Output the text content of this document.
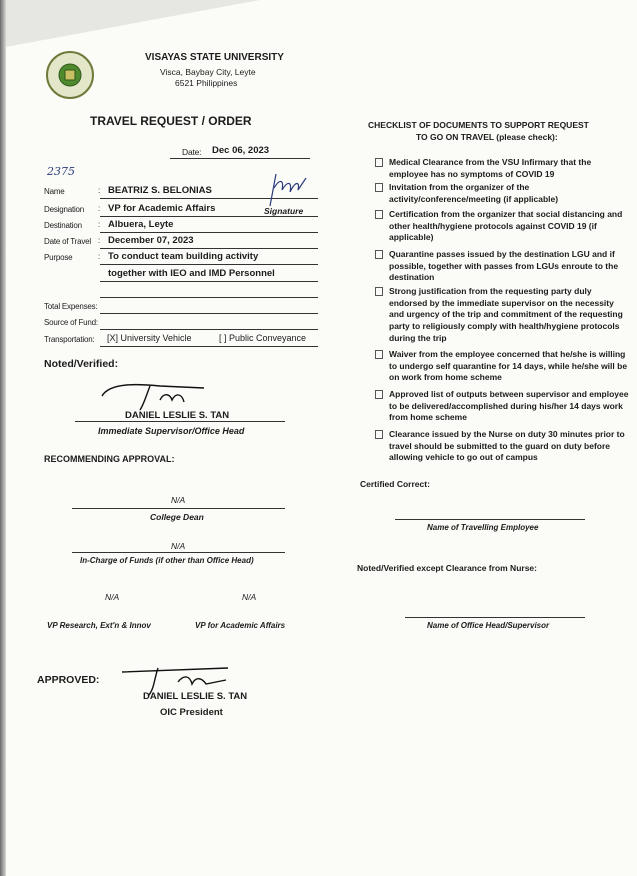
VISAYAS STATE UNIVERSITY
Visca, Baybay City, Leyte
6521 Philippines
TRAVEL REQUEST / ORDER
Date: Dec 06, 2023
2375
Name	: BEATRIZ S. BELONIAS
Designation : VP for Academic Affairs	Signature
Destination : Albuera, Leyte
Date of Travel : December 07, 2023
Purpose	: To conduct team building activity
together with IEO and IMD Personnel
Total Expenses:
Source of Fund:
Transportation: [X] University Vehicle	[ ] Public Conveyance
Noted/Verified:
DANIEL LESLIE S. TAN
Immediate Supervisor/Office Head
RECOMMENDING APPROVAL:
N/A
College Dean
N/A
In-Charge of Funds (if other than Office Head)
N/A	N/A
VP Research, Ext'n & Innov	VP for Academic Affairs
APPROVED:
DANIEL LESLIE S. TAN
OIC President
CHECKLIST OF DOCUMENTS TO SUPPORT REQUEST
TO GO ON TRAVEL (please check):
Medical Clearance from the VSU Infirmary that the employee has no symptoms of COVID 19
Invitation from the organizer of the activity/conference/meeting (if applicable)
Certification from the organizer that social distancing and other health/hygiene protocols against COVID 19 (if applicable)
Quarantine passes issued by the destination LGU and if possible, together with passes from LGUs enroute to the destination
Strong justification from the requesting party duly endorsed by the immediate supervisor on the necessity and urgency of the trip and commitment of the requesting party to religiously comply with health/hygiene protocols during the trip
Waiver from the employee concerned that he/she is willing to undergo self quarantine for 14 days, while he/she will be on work from home scheme
Approved list of outputs between supervisor and employee to be delivered/accomplished during his/her 14 days work from home scheme
Clearance issued by the Nurse on duty 30 minutes prior to travel should be submitted to the guard on duty before allowing vehicle to go out of campus
Certified Correct:
Name of Travelling Employee
Noted/Verified except Clearance from Nurse:
Name of Office Head/Supervisor
